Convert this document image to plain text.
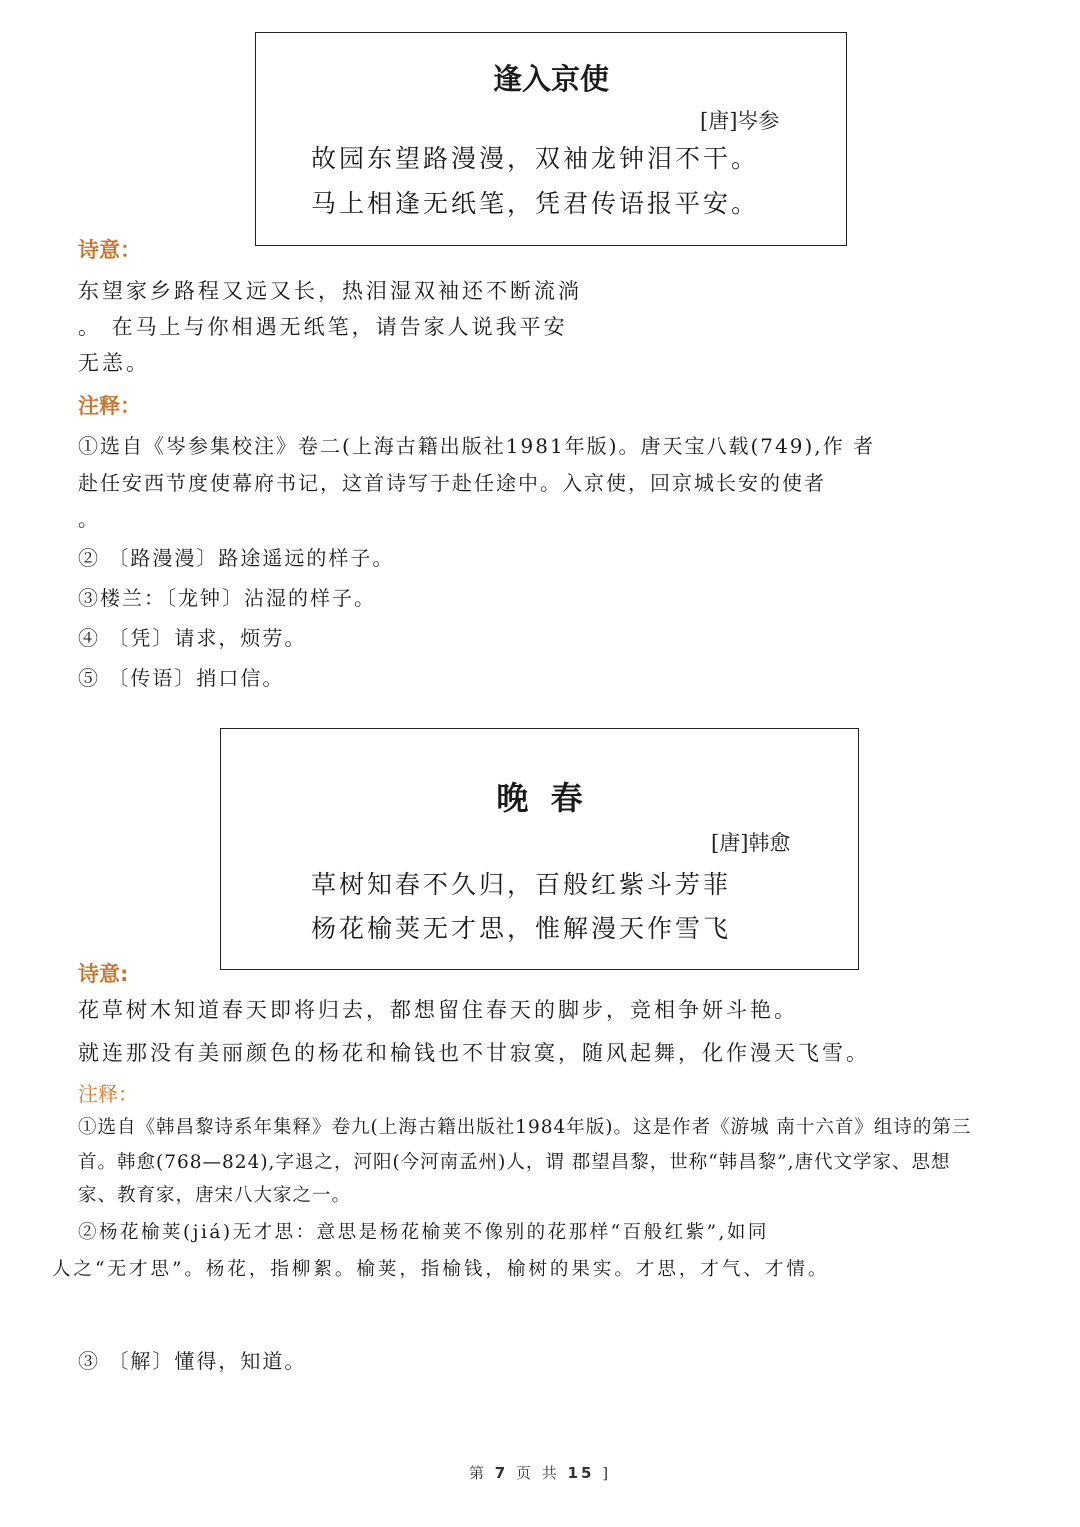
逢入京使
[唐]岑参
故园东望路漫漫，双袖龙钟泪不干。
马上相逢无纸笔，凭君传语报平安。
诗意：
东望家乡路程又远又长，热泪湿双袖还不断流淌
。 在马上与你相遇无纸笔，请告家人说我平安
无恙。
注释：
①选自《岑参集校注》卷二(上海古籍出版社1981年版)。唐天宝八载(749),作 者
赴任安西节度使幕府书记，这首诗写于赴任途中。入京使，回京城长安的使者
。
② 〔路漫漫〕路途遥远的样子。
③楼兰：〔龙钟〕沾湿的样子。
④ 〔凭〕请求，烦劳。
⑤ 〔传语〕捎口信。
晚  春
[唐]韩愈
草树知春不久归，百般红紫斗芳菲
杨花榆荚无才思，惟解漫天作雪飞
诗意:
花草树木知道春天即将归去，都想留住春天的脚步，竞相争妍斗艳。
就连那没有美丽颜色的杨花和榆钱也不甘寂寞，随风起舞，化作漫天飞雪。
注释：
①选自《韩昌黎诗系年集释》卷九(上海古籍出版社1984年版)。这是作者《游城 南十六首》组诗的第三
首。韩愈(768—824),字退之，河阳(今河南孟州)人，谓 郡望昌黎，世称“韩昌黎”,唐代文学家、思想
家、教育家，唐宋八大家之一。
②杨花榆荚(jiá)无才思：意思是杨花榆荚不像别的花那样“百般红紫”,如同
人之“无才思”。杨花，指柳絮。榆荚，指榆钱，榆树的果实。才思，才气、才情。
③ 〔解〕懂得，知道。
第 7 页 共 15 ]
